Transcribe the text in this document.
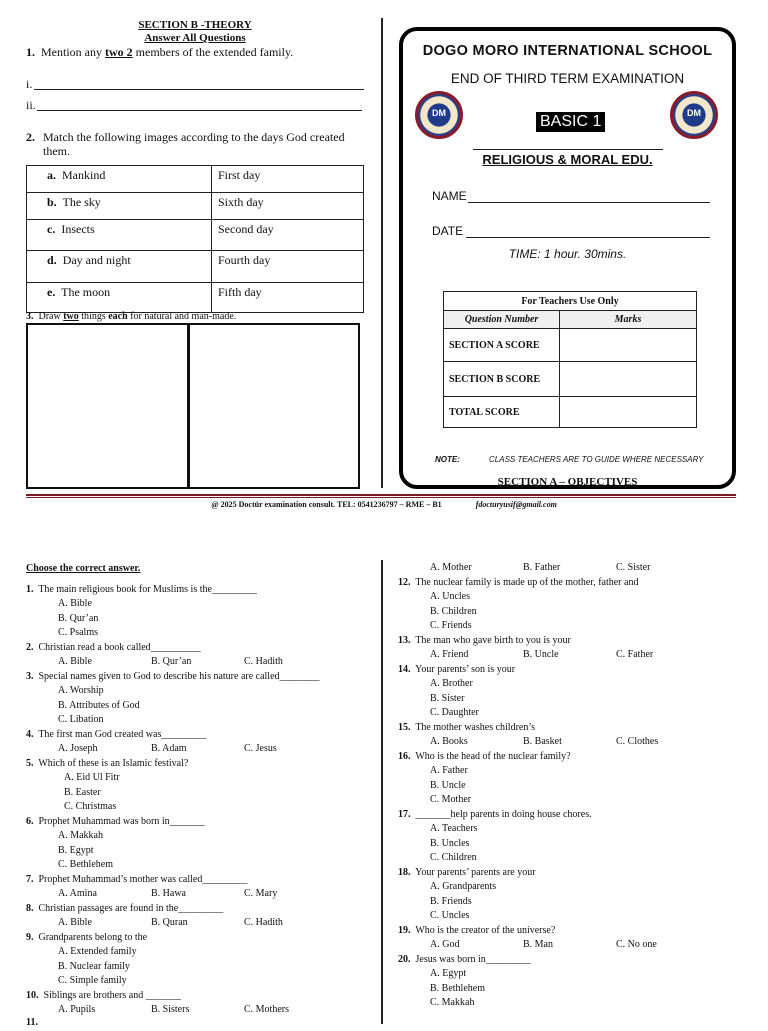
SECTION B -THEORY
Answer All Questions
1. Mention any two 2 members of the extended family.
i.
ii.
2. Match the following images according to the days God created them.
a. Mankind	First day
b. The sky	Sixth day
c. Insects	Second day
d. Day and night	Fourth day
e. The moon	Fifth day
3. Draw two things each for natural and man-made.
DOGO MORO INTERNATIONAL SCHOOL
END OF THIRD TERM EXAMINATION
DM	DM
BASIC 1
RELIGIOUS & MORAL EDU.
NAME
DATE
TIME: 1 hour. 30mins.
For Teachers Use Only	
Question Number	Marks
SECTION A SCORE	
SECTION B SCORE	
TOTAL SCORE	
NOTE:	CLASS TEACHERS ARE TO GUIDE WHERE NECESSARY
SECTION A – OBJECTIVES
@ 2025 Doctür examination consult. TEL: 0541236797 – RME – B1	fdocturyusif@gmail.com
Choose the correct answer.
1. The main religious book for Muslims is the_________
A. Bible
B. Qur’an
C. Psalms
2. Christian read a book called__________
A. Bible	B. Qur’an	C. Hadith
3. Special names given to God to describe his nature are called________
A. Worship
B. Attributes of God
C. Libation
4. The first man God created was_________
A. Joseph	B. Adam	C. Jesus
5. Which of these is an Islamic festival?
A. Eid Ul Fitr
B. Easter
C. Christmas
6. Prophet Muhammad was born in_______
A. Makkah
B. Egypt
C. Bethlehem
7. Prophet Muhammad’s mother was called_________
A. Amina	B. Hawa	C. Mary
8. Christian passages are found in the_________
A. Bible	B. Quran	C. Hadith
9. Grandparents belong to the
A. Extended family
B. Nuclear family
C. Simple family
10. Siblings are brothers and _______
A. Pupils	B. Sisters	C. Mothers
A. Mother	B. Father	C. Sister
12. The nuclear family is made up of the mother, father and
A. Uncles
B. Children
C. Friends
13. The man who gave birth to you is your
A. Friend	B. Uncle	C. Father
14. Your parents’ son is your
A. Brother
B. Sister
C. Daughter
15. The mother washes children’s
A. Books	B. Basket	C. Clothes
16. Who is the head of the nuclear family?
A. Father
B. Uncle
C. Mother
17. _______help parents in doing house chores.
A. Teachers
B. Uncles
C. Children
18. Your parents’ parents are your
A. Grandparents
B. Friends
C. Uncles
19. Who is the creator of the universe?
A. God	B. Man	C. No one
20. Jesus was born in_________
A. Egypt
B. Bethlehem
C. Makkah
11.
